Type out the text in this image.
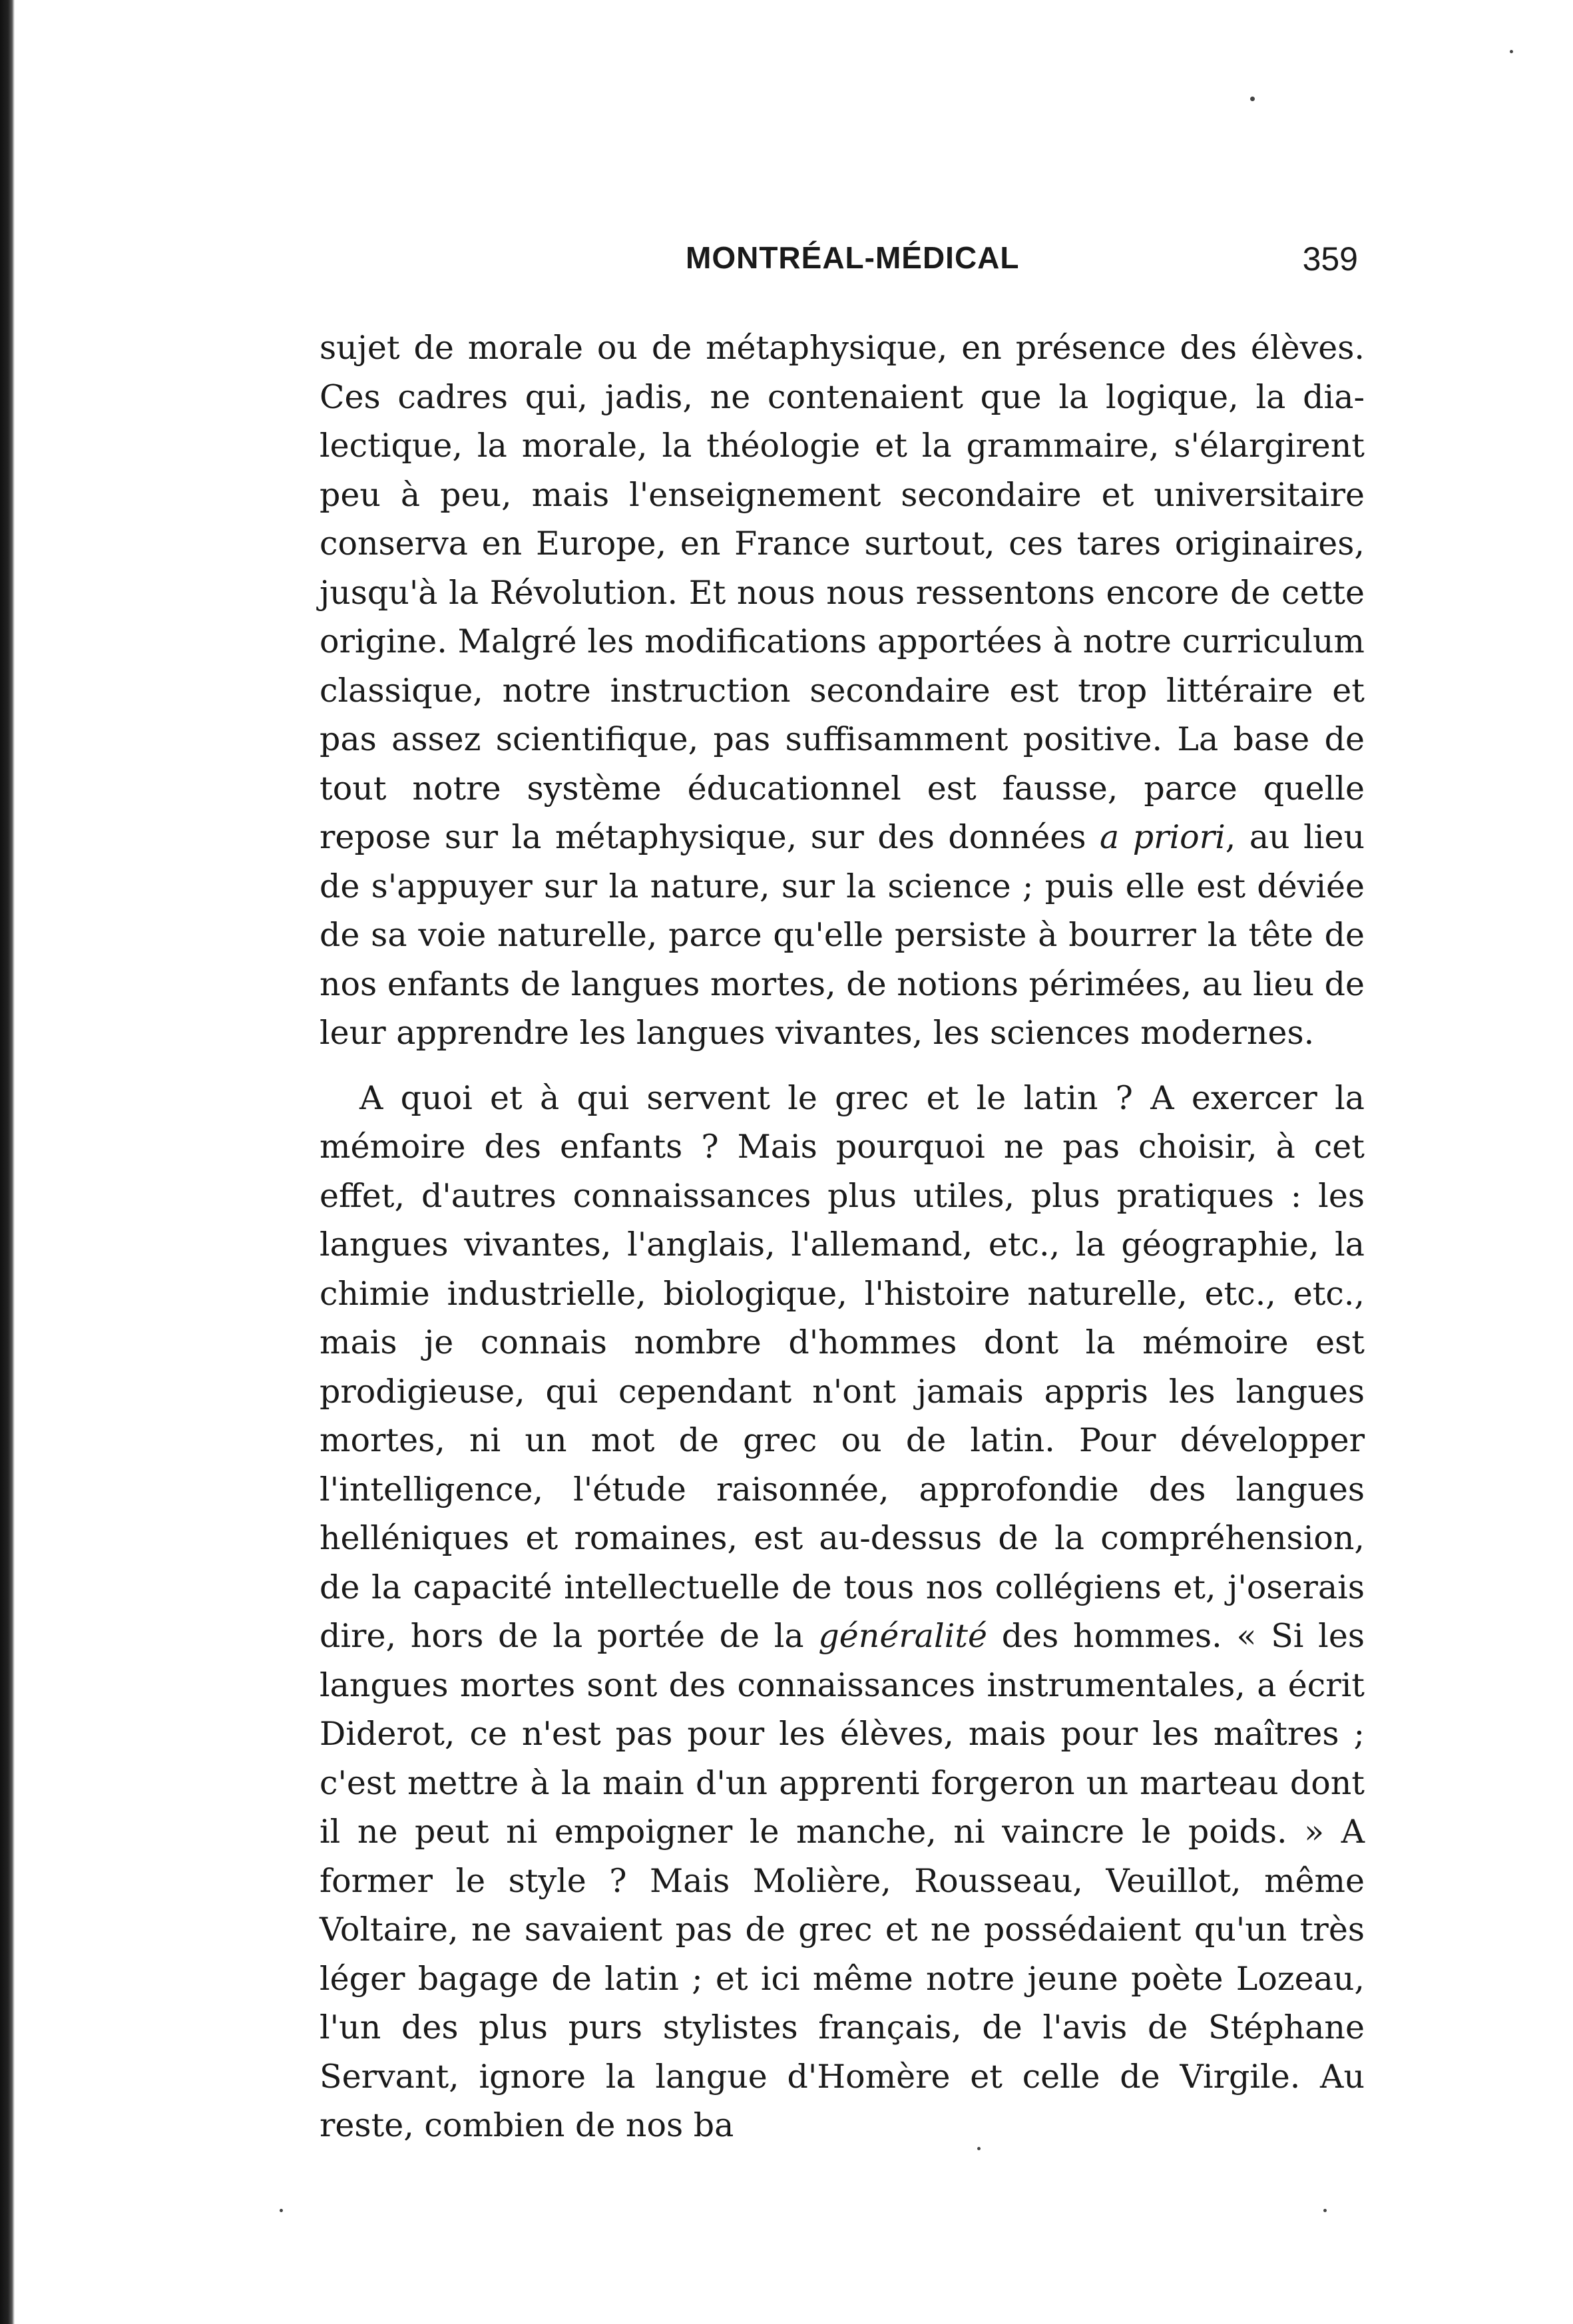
MONTRÉAL-MÉDICAL	359

sujet de morale ou de métaphysique, en présence des élèves. Ces cadres qui, jadis, ne contenaient que la logique, la dialectique, la morale, la théologie et la grammaire, s'élargirent peu à peu, mais l'enseignement secondaire et universitaire conserva en Europe, en France surtout, ces tares originaires, jusqu'à la Révolution. Et nous nous ressentons encore de cette origine. Malgré les modifications apportées à notre curriculum classique, notre instruction secondaire est trop littéraire et pas assez scientifique, pas suffisamment positive. La base de tout notre système éducationnel est fausse, parce quelle repose sur la métaphysique, sur des données a priori, au lieu de s'appuyer sur la nature, sur la science ; puis elle est déviée de sa voie naturelle, parce qu'elle persiste à bourrer la tête de nos enfants de langues mortes, de notions périmées, au lieu de leur apprendre les langues vivantes, les sciences modernes.

A quoi et à qui servent le grec et le latin ? A exercer la mémoire des enfants ? Mais pourquoi ne pas choisir, à cet effet, d'autres connaissances plus utiles, plus pratiques : les langues vivantes, l'anglais, l'allemand, etc., la géographie, la chimie industrielle, biologique, l'histoire naturelle, etc., etc., mais je connais nombre d'hommes dont la mémoire est prodigieuse, qui cependant n'ont jamais appris les langues mortes, ni un mot de grec ou de latin. Pour développer l'intelligence, l'étude raisonnée, approfondie des langues helléniques et romaines, est au-dessus de la compréhension, de la capacité intellectuelle de tous nos collégiens et, j'oserais dire, hors de la portée de la généralité des hommes. « Si les langues mortes sont des connaissances instrumentales, a écrit Diderot, ce n'est pas pour les élèves, mais pour les maîtres ; c'est mettre à la main d'un apprenti forgeron un marteau dont il ne peut ni empoigner le manche, ni vaincre le poids. » A former le style ? Mais Molière, Rousseau, Veuillot, même Voltaire, ne savaient pas de grec et ne possédaient qu'un très léger bagage de latin ; et ici même notre jeune poète Lozeau, l'un des plus purs stylistes français, de l'avis de Stéphane Servant, ignore la langue d'Homère et celle de Virgile. Au reste, combien de nos ba
